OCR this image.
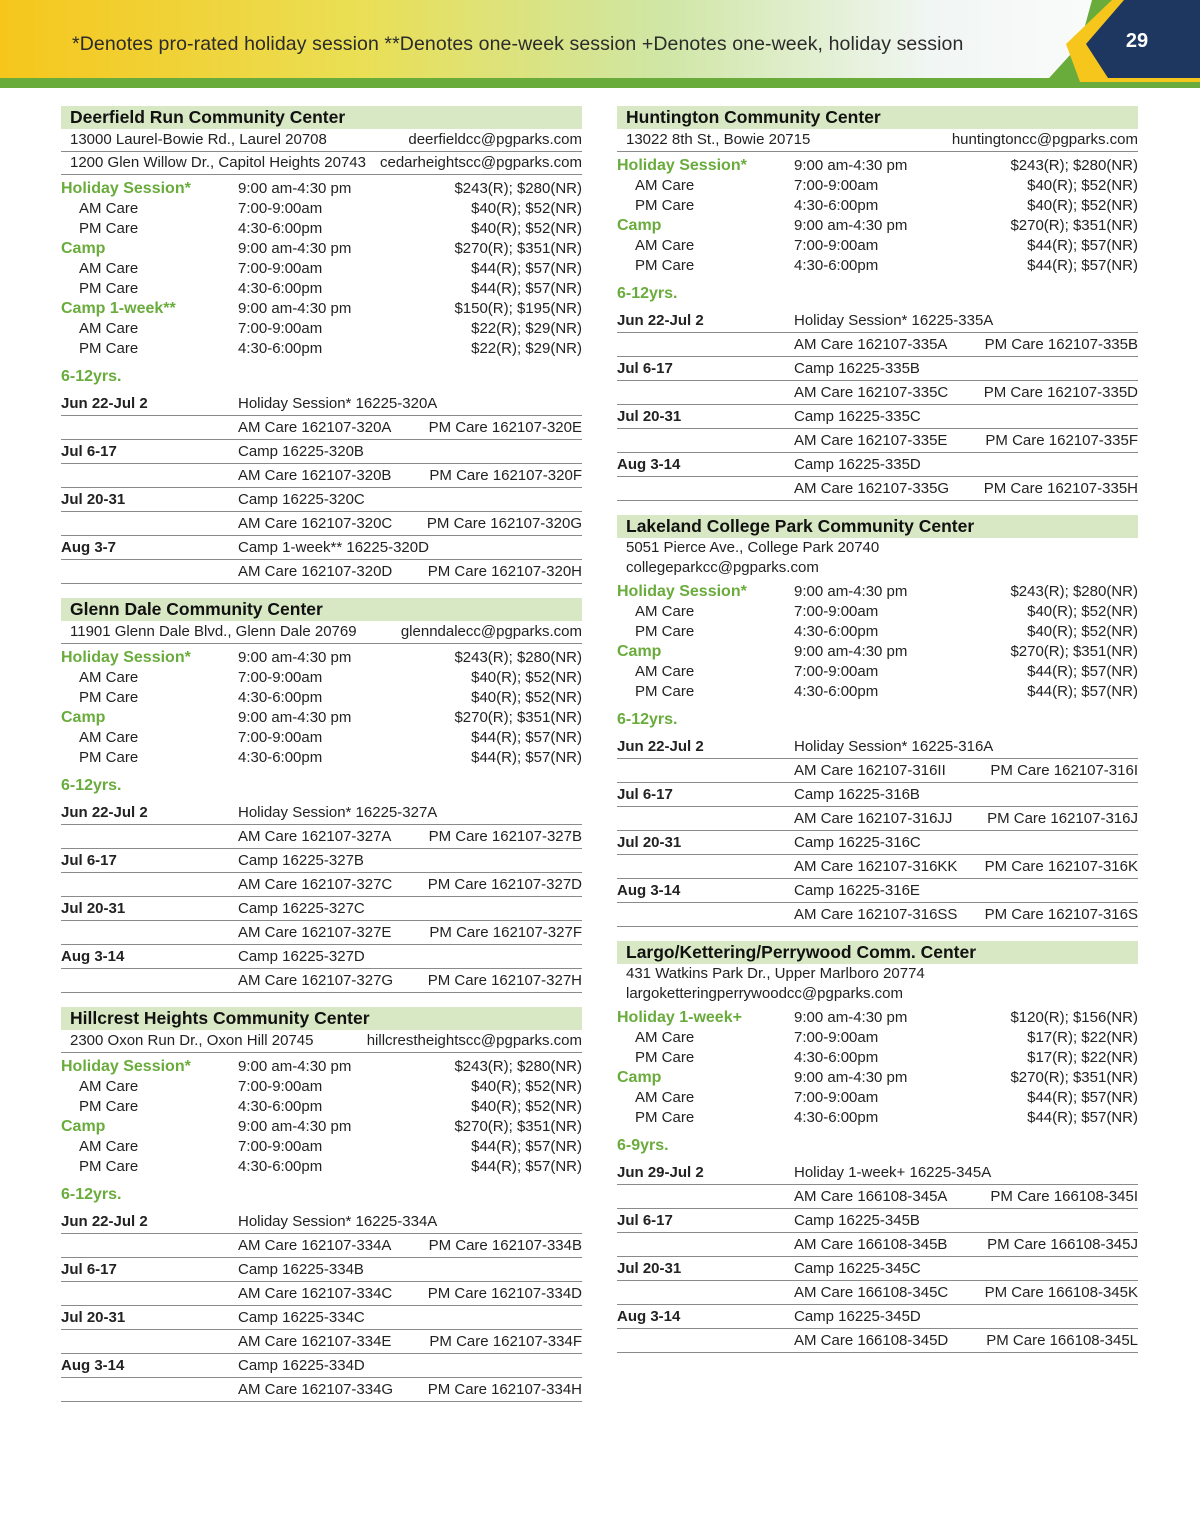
*Denotes pro-rated holiday session **Denotes one-week session +Denotes one-week, holiday session	29
Deerfield Run Community Center
13000 Laurel-Bowie Rd., Laurel 20708	deerfieldcc@pgparks.com
1200 Glen Willow Dr., Capitol Heights 20743 cedarheightscc@pgparks.com
Holiday Session*	9:00 am-4:30 pm	$243(R); $280(NR)
AM Care	7:00-9:00am	$40(R); $52(NR)
PM Care	4:30-6:00pm	$40(R); $52(NR)
Camp	9:00 am-4:30 pm	$270(R); $351(NR)
AM Care	7:00-9:00am	$44(R); $57(NR)
PM Care	4:30-6:00pm	$44(R); $57(NR)
Camp 1-week**	9:00 am-4:30 pm	$150(R); $195(NR)
AM Care	7:00-9:00am	$22(R); $29(NR)
PM Care	4:30-6:00pm	$22(R); $29(NR)
6-12yrs.
Jun 22-Jul 2	Holiday Session* 16225-320A
AM Care 162107-320A	PM Care 162107-320E
Jul 6-17	Camp 16225-320B
AM Care 162107-320B	PM Care 162107-320F
Jul 20-31	Camp 16225-320C
AM Care 162107-320C	PM Care 162107-320G
Aug 3-7	Camp 1-week** 16225-320D
AM Care 162107-320D	PM Care 162107-320H
Glenn Dale Community Center
11901 Glenn Dale Blvd., Glenn Dale 20769	glenndalecc@pgparks.com
Holiday Session*	9:00 am-4:30 pm	$243(R); $280(NR)
AM Care	7:00-9:00am	$40(R); $52(NR)
PM Care	4:30-6:00pm	$40(R); $52(NR)
Camp	9:00 am-4:30 pm	$270(R); $351(NR)
AM Care	7:00-9:00am	$44(R); $57(NR)
PM Care	4:30-6:00pm	$44(R); $57(NR)
6-12yrs.
Jun 22-Jul 2	Holiday Session* 16225-327A
AM Care 162107-327A	PM Care 162107-327B
Jul 6-17	Camp 16225-327B
AM Care 162107-327C	PM Care 162107-327D
Jul 20-31	Camp 16225-327C
AM Care 162107-327E	PM Care 162107-327F
Aug 3-14	Camp 16225-327D
AM Care 162107-327G	PM Care 162107-327H
Hillcrest Heights Community Center
2300 Oxon Run Dr., Oxon Hill 20745	hillcrestheightscc@pgparks.com
Holiday Session*	9:00 am-4:30 pm	$243(R); $280(NR)
AM Care	7:00-9:00am	$40(R); $52(NR)
PM Care	4:30-6:00pm	$40(R); $52(NR)
Camp	9:00 am-4:30 pm	$270(R); $351(NR)
AM Care	7:00-9:00am	$44(R); $57(NR)
PM Care	4:30-6:00pm	$44(R); $57(NR)
6-12yrs.
Jun 22-Jul 2	Holiday Session* 16225-334A
AM Care 162107-334A	PM Care 162107-334B
Jul 6-17	Camp 16225-334B
AM Care 162107-334C	PM Care 162107-334D
Jul 20-31	Camp 16225-334C
AM Care 162107-334E	PM Care 162107-334F
Aug 3-14	Camp 16225-334D
AM Care 162107-334G	PM Care 162107-334H
Huntington Community Center
13022 8th St., Bowie 20715	huntingtoncc@pgparks.com
Holiday Session*	9:00 am-4:30 pm	$243(R); $280(NR)
AM Care	7:00-9:00am	$40(R); $52(NR)
PM Care	4:30-6:00pm	$40(R); $52(NR)
Camp	9:00 am-4:30 pm	$270(R); $351(NR)
AM Care	7:00-9:00am	$44(R); $57(NR)
PM Care	4:30-6:00pm	$44(R); $57(NR)
6-12yrs.
Jun 22-Jul 2	Holiday Session* 16225-335A
AM Care 162107-335A	PM Care 162107-335B
Jul 6-17	Camp 16225-335B
AM Care 162107-335C	PM Care 162107-335D
Jul 20-31	Camp 16225-335C
AM Care 162107-335E	PM Care 162107-335F
Aug 3-14	Camp 16225-335D
AM Care 162107-335G	PM Care 162107-335H
Lakeland College Park Community Center
5051 Pierce Ave., College Park 20740
collegeparkcc@pgparks.com
Holiday Session*	9:00 am-4:30 pm	$243(R); $280(NR)
AM Care	7:00-9:00am	$40(R); $52(NR)
PM Care	4:30-6:00pm	$40(R); $52(NR)
Camp	9:00 am-4:30 pm	$270(R); $351(NR)
AM Care	7:00-9:00am	$44(R); $57(NR)
PM Care	4:30-6:00pm	$44(R); $57(NR)
6-12yrs.
Jun 22-Jul 2	Holiday Session* 16225-316A
AM Care 162107-316II	PM Care 162107-316I
Jul 6-17	Camp 16225-316B
AM Care 162107-316JJ	PM Care 162107-316J
Jul 20-31	Camp 16225-316C
AM Care 162107-316KK	PM Care 162107-316K
Aug 3-14	Camp 16225-316E
AM Care 162107-316SS	PM Care 162107-316S
Largo/Kettering/Perrywood Comm. Center
431 Watkins Park Dr., Upper Marlboro 20774
largoketteringperrywoodcc@pgparks.com
Holiday 1-week+	9:00 am-4:30 pm	$120(R); $156(NR)
AM Care	7:00-9:00am	$17(R); $22(NR)
PM Care	4:30-6:00pm	$17(R); $22(NR)
Camp	9:00 am-4:30 pm	$270(R); $351(NR)
AM Care	7:00-9:00am	$44(R); $57(NR)
PM Care	4:30-6:00pm	$44(R); $57(NR)
6-9yrs.
Jun 29-Jul 2	Holiday 1-week+ 16225-345A
AM Care 166108-345A	PM Care 166108-345I
Jul 6-17	Camp 16225-345B
AM Care 166108-345B	PM Care 166108-345J
Jul 20-31	Camp 16225-345C
AM Care 166108-345C	PM Care 166108-345K
Aug 3-14	Camp 16225-345D
AM Care 166108-345D	PM Care 166108-345L
